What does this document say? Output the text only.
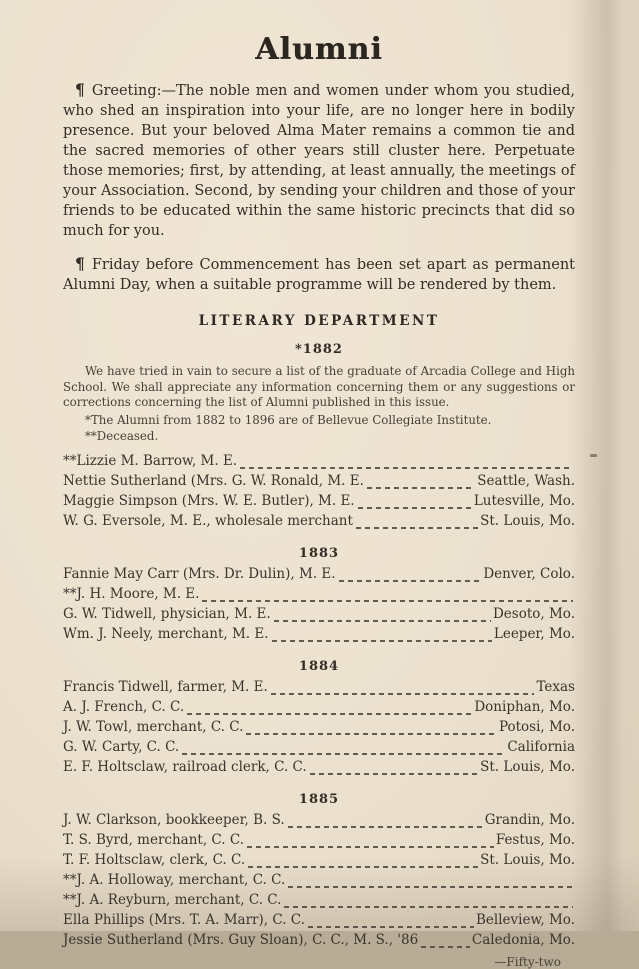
Alumni

¶ Greeting:—The noble men and women under whom you studied, who shed an inspiration into your life, are no longer here in bodily presence. But your beloved Alma Mater remains a common tie and the sacred memories of other years still cluster here. Perpetuate those memories; first, by attending, at least annually, the meetings of your Association. Second, by sending your children and those of your friends to be educated within the same historic precincts that did so much for you.

¶ Friday before Commencement has been set apart as permanent Alumni Day, when a suitable programme will be rendered by them.

LITERARY DEPARTMENT
*1882

We have tried in vain to secure a list of the graduate of Arcadia College and High School. We shall appreciate any information concerning them or any suggestions or corrections concerning the list of Alumni published in this issue.

*The Alumni from 1882 to 1896 are of Bellevue Collegiate Institute.

**Deceased.

**Lizzie M. Barrow, M. E.
Nettie Sutherland (Mrs. G. W. Ronald, M. E.	Seattle, Wash.
Maggie Simpson (Mrs. W. E. Butler), M. E.	Lutesville, Mo.
W. G. Eversole, M. E., wholesale merchant	St. Louis, Mo.
1883
Fannie May Carr (Mrs. Dr. Dulin), M. E.	Denver, Colo.
**J. H. Moore, M. E.
G. W. Tidwell, physician, M. E.	Desoto, Mo.
Wm. J. Neely, merchant, M. E.	Leeper, Mo.
1884
Francis Tidwell, farmer, M. E.	Texas
A. J. French, C. C.	Doniphan, Mo.
J. W. Towl, merchant, C. C.	Potosi, Mo.
G. W. Carty, C. C.	California
E. F. Holtsclaw, railroad clerk, C. C.	St. Louis, Mo.
1885
J. W. Clarkson, bookkeeper, B. S.	Grandin, Mo.
T. S. Byrd, merchant, C. C.	Festus, Mo.
T. F. Holtsclaw, clerk, C. C.	St. Louis, Mo.
**J. A. Holloway, merchant, C. C.
**J. A. Reyburn, merchant, C. C.
Ella Phillips (Mrs. T. A. Marr), C. C.	Belleview, Mo.
Jessie Sutherland (Mrs. Guy Sloan), C. C., M. S., '86	Caledonia, Mo.
—Fifty-two
